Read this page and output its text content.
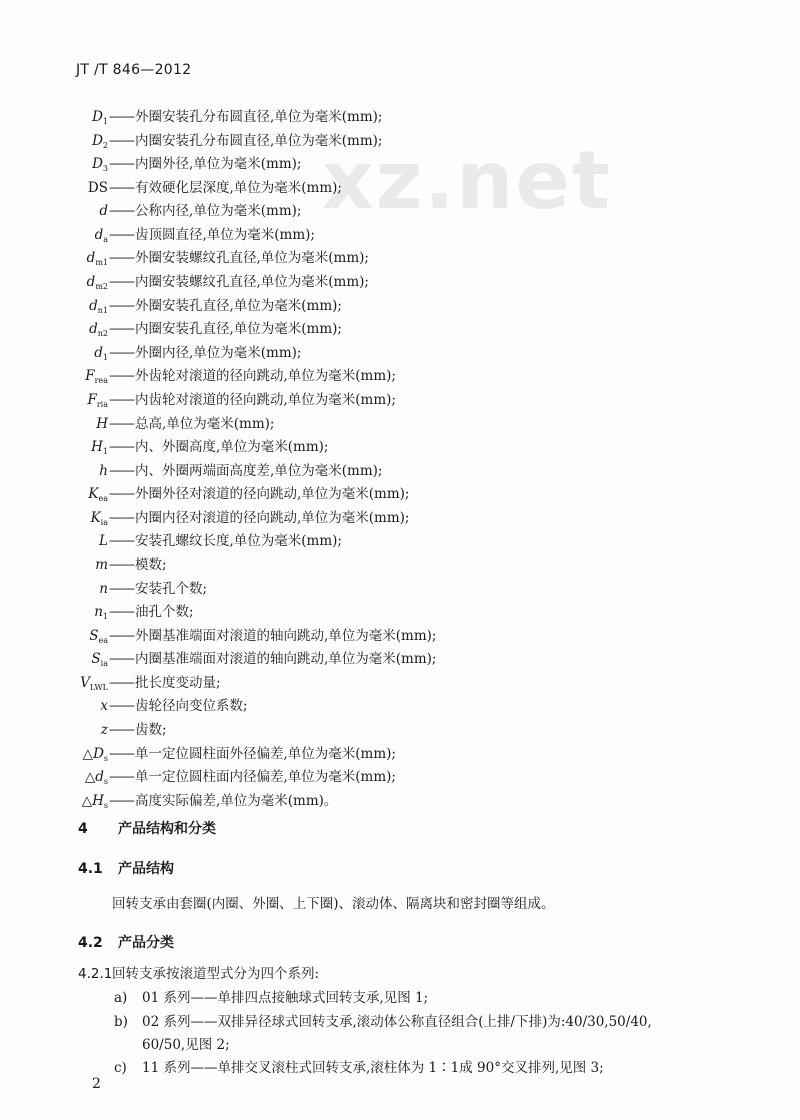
JT /T 846—2012
xz.net
$D_1$ —— 外圈安装孔分布圆直径,单位为毫米(mm);
$D_2$ —— 内圈安装孔分布圆直径,单位为毫米(mm);
$D_3$ —— 内圈外径,单位为毫米(mm);
DS —— 有效硬化层深度,单位为毫米(mm);
d —— 公称内径,单位为毫米(mm);
$d_a$ —— 齿顶圆直径,单位为毫米(mm);
$d_{m1}$ —— 外圈安装螺纹孔直径,单位为毫米(mm);
$d_{m2}$ —— 内圈安装螺纹孔直径,单位为毫米(mm);
$d_{n1}$ —— 外圈安装孔直径,单位为毫米(mm);
$d_{n2}$ —— 内圈安装孔直径,单位为毫米(mm);
$d_1$ —— 外圈内径,单位为毫米(mm);
$F_{rea}$ —— 外齿轮对滚道的径向跳动,单位为毫米(mm);
$F_{ria}$ —— 内齿轮对滚道的径向跳动,单位为毫米(mm);
H —— 总高,单位为毫米(mm);
$H_1$ —— 内、外圈高度,单位为毫米(mm);
h —— 内、外圈两端面高度差,单位为毫米(mm);
$K_{ea}$ —— 外圈外径对滚道的径向跳动,单位为毫米(mm);
$K_{ia}$ —— 内圈内径对滚道的径向跳动,单位为毫米(mm);
L —— 安装孔螺纹长度,单位为毫米(mm);
m —— 模数;
n —— 安装孔个数;
$n_1$ —— 油孔个数;
$S_{ea}$ —— 外圈基准端面对滚道的轴向跳动,单位为毫米(mm);
$S_{ia}$ —— 内圈基准端面对滚道的轴向跳动,单位为毫米(mm);
$V_{LWL}$ —— 批长度变动量;
x —— 齿轮径向变位系数;
z —— 齿数;
$\triangle D_s$ —— 单一定位圆柱面外径偏差,单位为毫米(mm);
$\triangle d_s$ —— 单一定位圆柱面内径偏差,单位为毫米(mm);
$\triangle H_s$ —— 高度实际偏差,单位为毫米(mm)。
4 产品结构和分类
4.1 产品结构
回转支承由套圈(内圈、外圈、上下圈)、滚动体、隔离块和密封圈等组成。
4.2 产品分类
4.2.1回转支承按滚道型式分为四个系列:
a) 01 系列——单排四点接触球式回转支承,见图 1;
b) 02 系列——双排异径球式回转支承,滚动体公称直径组合(上排/下排)为:40/30,50/40,
60/50,见图 2;
c) 11 系列——单排交叉滚柱式回转支承,滚柱体为 1∶1成 90°交叉排列,见图 3;
2
